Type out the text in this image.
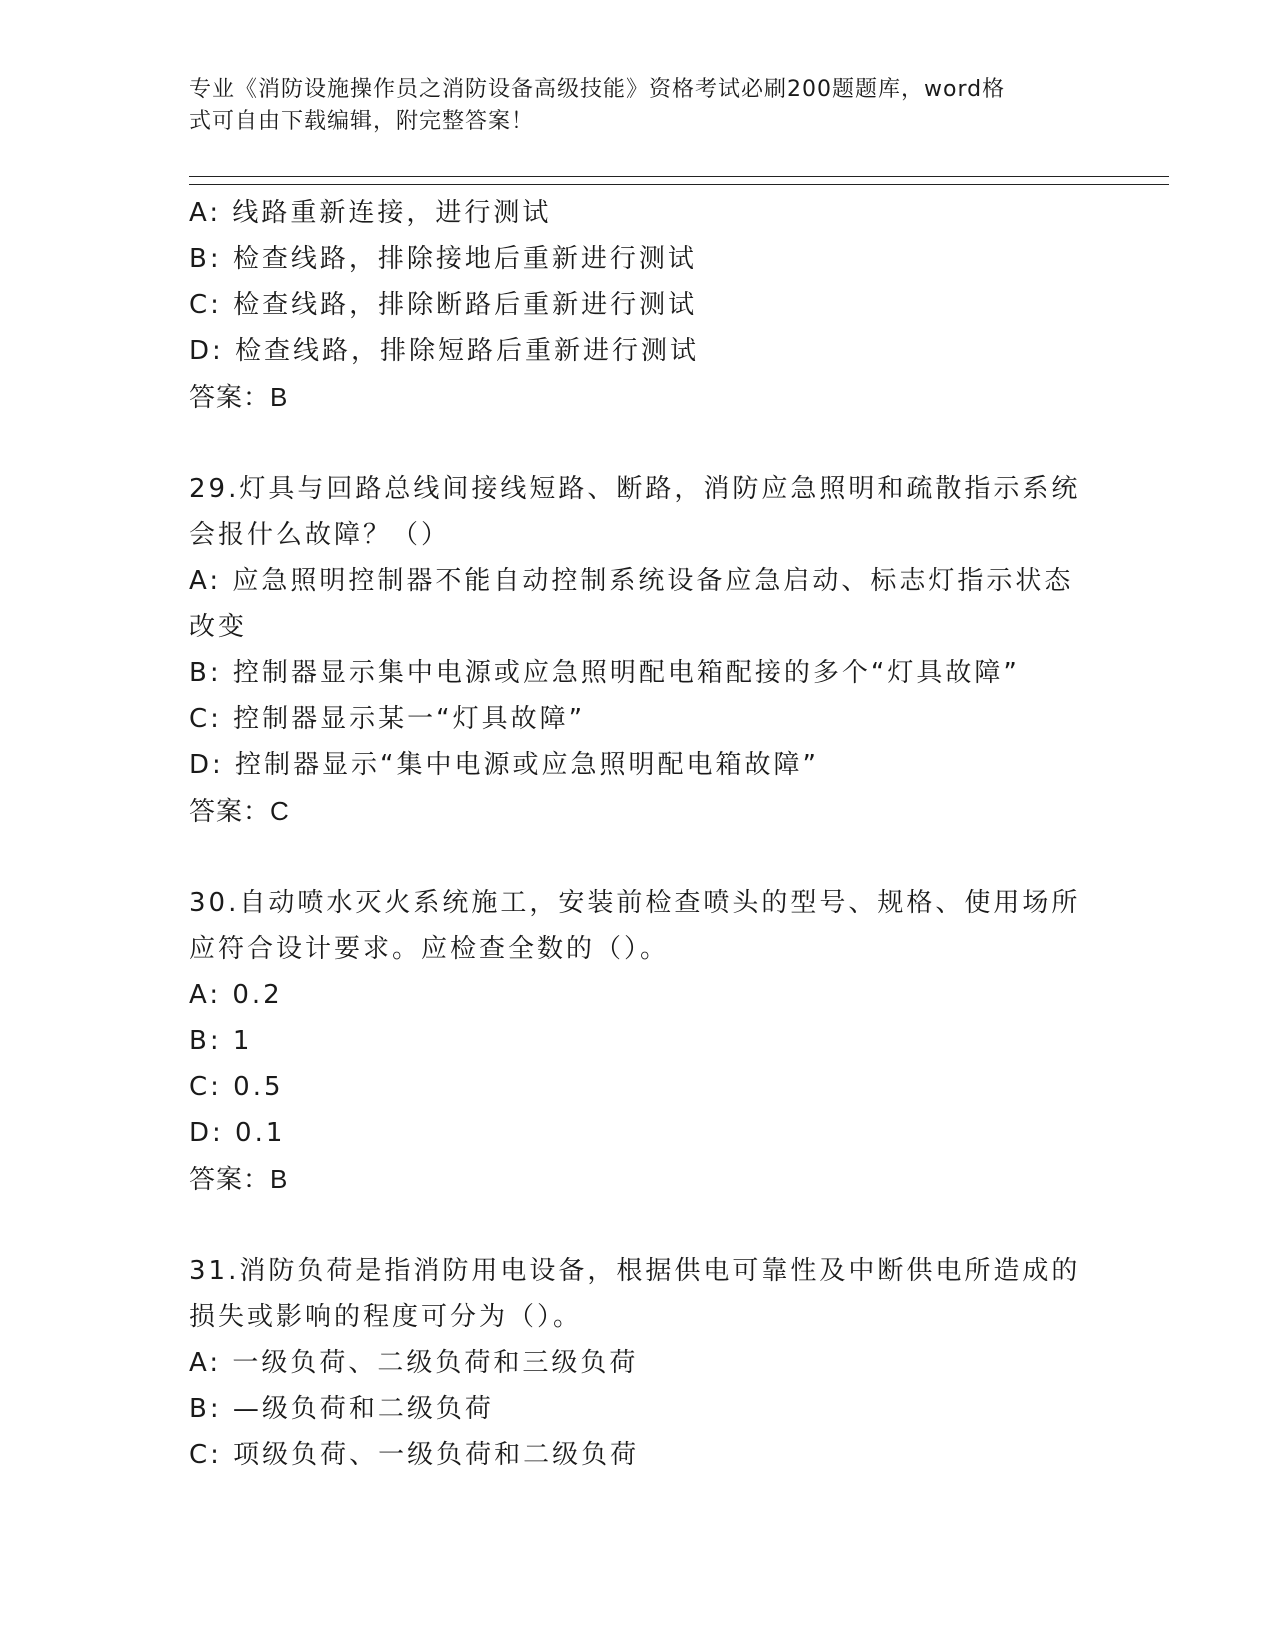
专业《消防设施操作员之消防设备高级技能》资格考试必刷200题题库，word格
式可自由下载编辑，附完整答案！
A: 线路重新连接，进行测试
B: 检查线路，排除接地后重新进行测试
C: 检查线路，排除断路后重新进行测试
D: 检查线路，排除短路后重新进行测试
答案：B
29.灯具与回路总线间接线短路、断路，消防应急照明和疏散指示系统
会报什么故障？（）
A: 应急照明控制器不能自动控制系统设备应急启动、标志灯指示状态
改变
B: 控制器显示集中电源或应急照明配电箱配接的多个“灯具故障”
C: 控制器显示某一“灯具故障”
D: 控制器显示“集中电源或应急照明配电箱故障”
答案：C
30.自动喷水灭火系统施工，安装前检查喷头的型号、规格、使用场所
应符合设计要求。应检查全数的（）。
A: 0.2
B: 1
C: 0.5
D: 0.1
答案：B
31.消防负荷是指消防用电设备，根据供电可靠性及中断供电所造成的
损失或影响的程度可分为（）。
A: 一级负荷、二级负荷和三级负荷
B: —级负荷和二级负荷
C: 项级负荷、一级负荷和二级负荷
